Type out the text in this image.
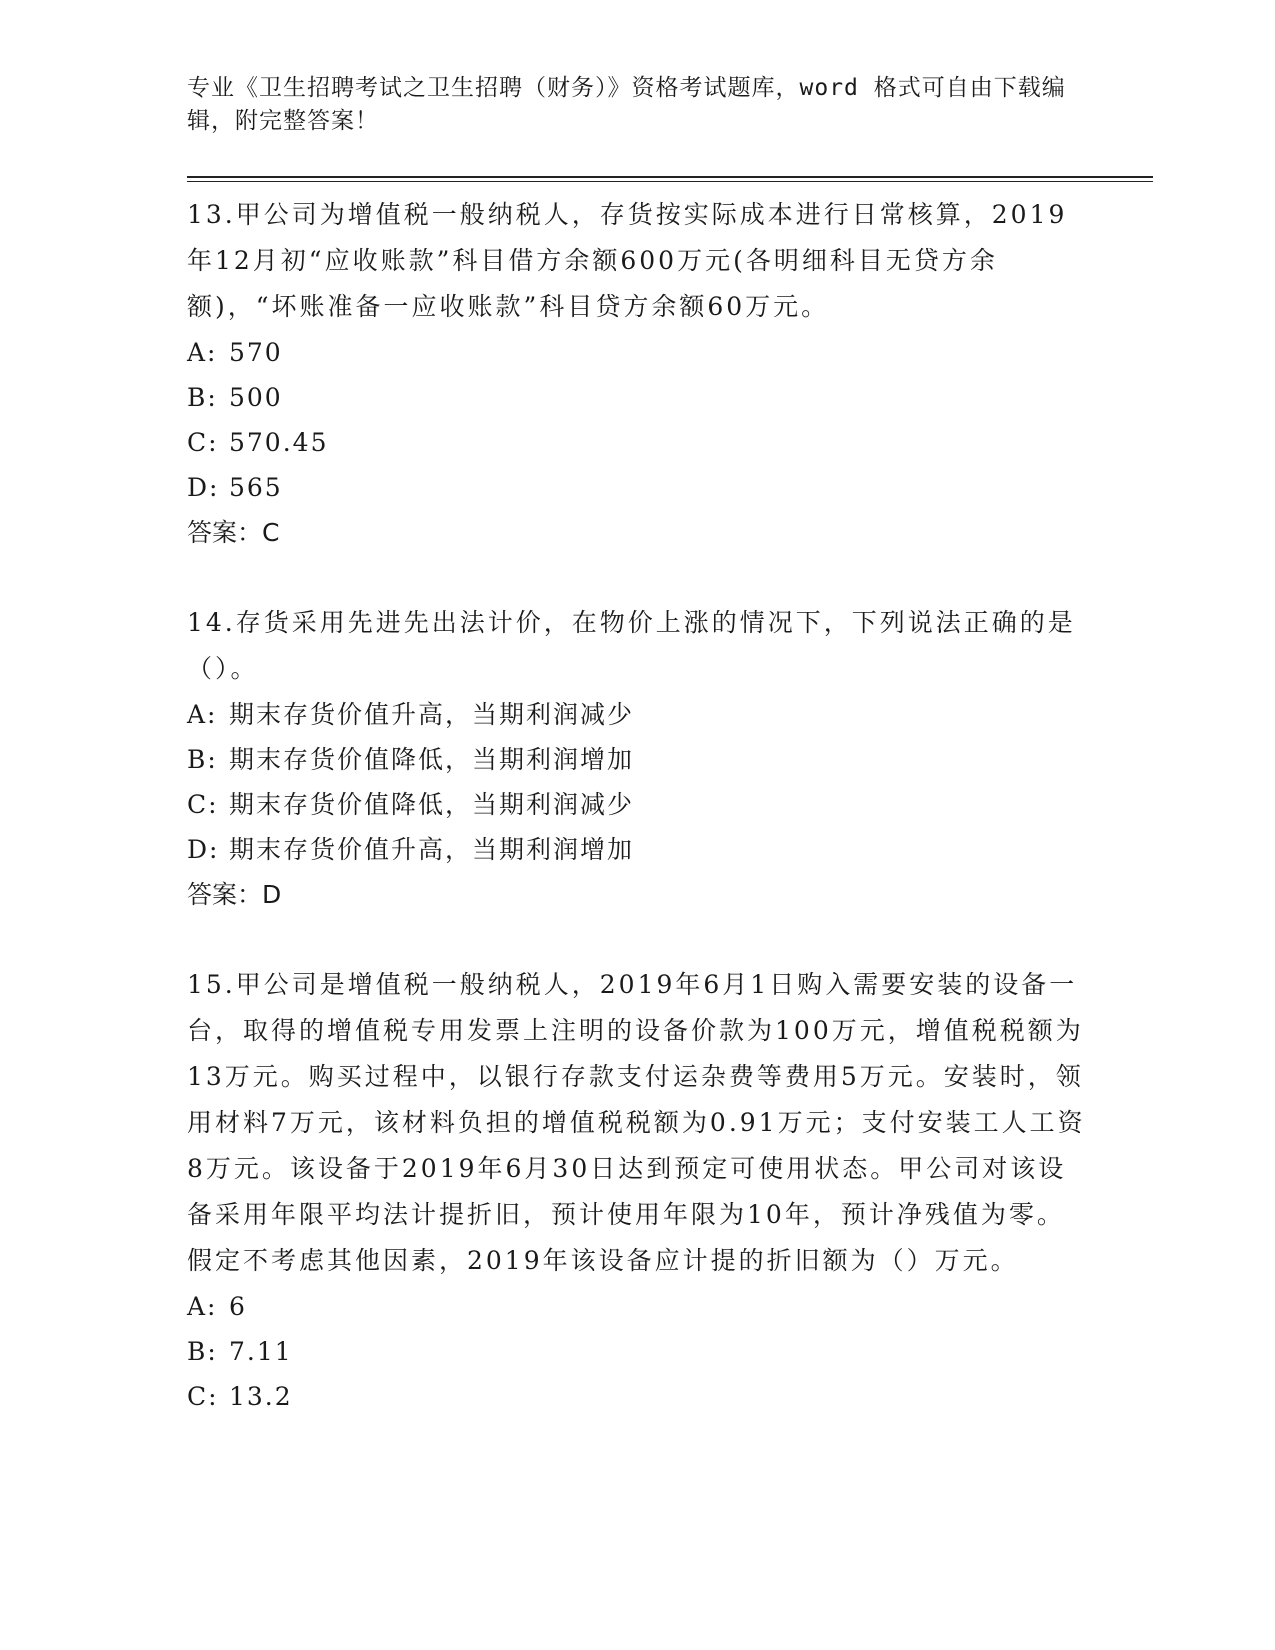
专业《卫生招聘考试之卫生招聘（财务）》资格考试题库，word 格式可自由下载编辑，附完整答案！

13.甲公司为增值税一般纳税人，存货按实际成本进行日常核算，2019年12月初“应收账款”科目借方余额600万元(各明细科目无贷方余额)，“坏账准备一应收账款”科目贷方余额60万元。

A: 570
B: 500
C: 570.45
D: 565

答案：C

14.存货采用先进先出法计价，在物价上涨的情况下，下列说法正确的是（）。

A: 期末存货价值升高，当期利润减少
B: 期末存货价值降低，当期利润增加
C: 期末存货价值降低，当期利润减少
D: 期末存货价值升高，当期利润增加

答案：D

15.甲公司是增值税一般纳税人，2019年6月1日购入需要安装的设备一台，取得的增值税专用发票上注明的设备价款为100万元，增值税税额为13万元。购买过程中，以银行存款支付运杂费等费用5万元。安装时，领用材料7万元，该材料负担的增值税税额为0.91万元；支付安装工人工资8万元。该设备于2019年6月30日达到预定可使用状态。甲公司对该设备采用年限平均法计提折旧，预计使用年限为10年，预计净残值为零。假定不考虑其他因素，2019年该设备应计提的折旧额为（）万元。

A: 6
B: 7.11
C: 13.2
